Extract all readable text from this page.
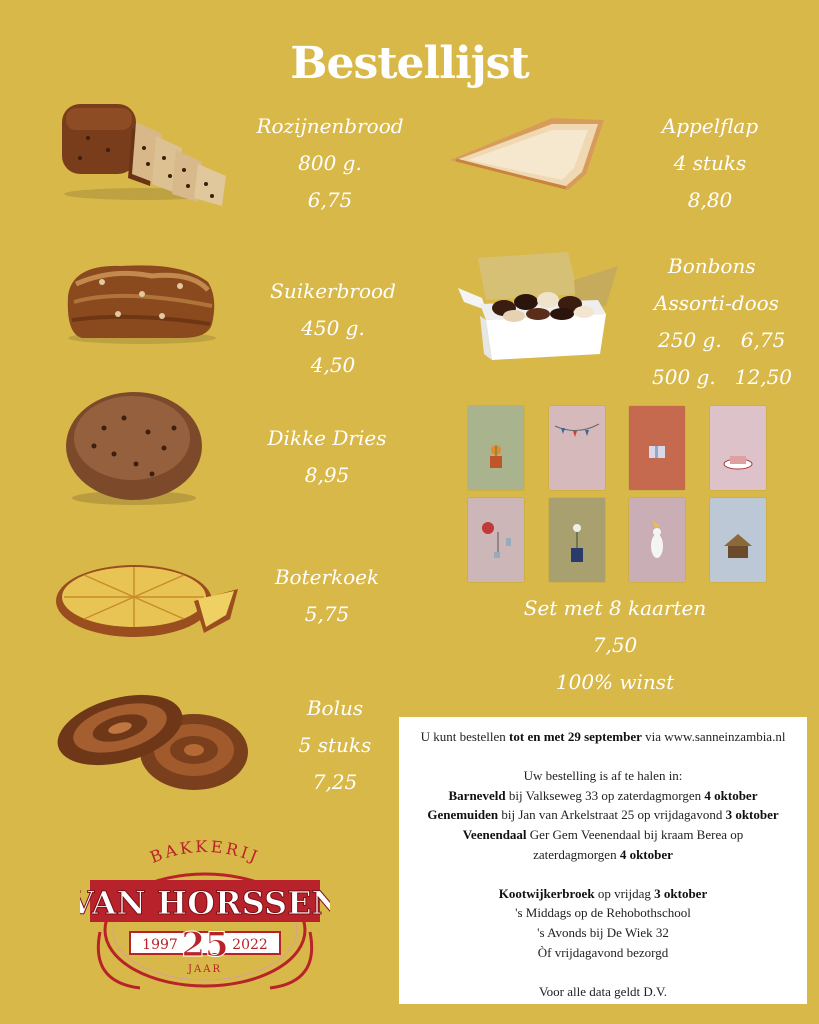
Bestellijst
Rozijnenbrood
800 g.
6,75
Suikerbrood
450 g.
4,50
Dikke Dries
8,95
Boterkoek
5,75
Bolus
5 stuks
7,25
Appelflap
4 stuks
8,80
Bonbons
Assorti-doos
250 g.   6,75
500 g.   12,50
Set met 8 kaarten
7,50
100% winst
BAKKERIJ
VAN HORSSEN
1997	2022
25
JAAR
U kunt bestellen tot en met 29 september via www.sanneinzambia.nl
Uw bestelling is af te halen in:
Barneveld bij Valkseweg 33 op zaterdagmorgen 4 oktober
Genemuiden bij Jan van Arkelstraat 25 op vrijdagavond 3 oktober
Veenendaal Ger Gem Veenendaal bij kraam Berea op
zaterdagmorgen 4 oktober
Kootwijkerbroek op vrijdag 3 oktober
's Middags op de Rehobothschool
's Avonds bij De Wiek 32
Òf vrijdagavond bezorgd
Voor alle data geldt D.V.
